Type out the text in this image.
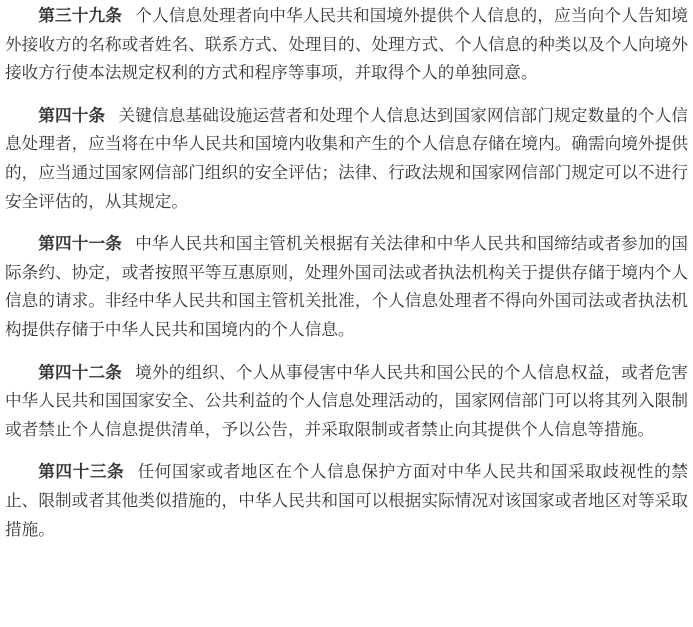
第三十九条 个人信息处理者向中华人民共和国境外提供个人信息的，应当向个人告知境外接收方的名称或者姓名、联系方式、处理目的、处理方式、个人信息的种类以及个人向境外接收方行使本法规定权利的方式和程序等事项，并取得个人的单独同意。

第四十条 关键信息基础设施运营者和处理个人信息达到国家网信部门规定数量的个人信息处理者，应当将在中华人民共和国境内收集和产生的个人信息存储在境内。确需向境外提供的，应当通过国家网信部门组织的安全评估；法律、行政法规和国家网信部门规定可以不进行安全评估的，从其规定。

第四十一条 中华人民共和国主管机关根据有关法律和中华人民共和国缔结或者参加的国际条约、协定，或者按照平等互惠原则，处理外国司法或者执法机构关于提供存储于境内个人信息的请求。非经中华人民共和国主管机关批准，个人信息处理者不得向外国司法或者执法机构提供存储于中华人民共和国境内的个人信息。

第四十二条 境外的组织、个人从事侵害中华人民共和国公民的个人信息权益，或者危害中华人民共和国国家安全、公共利益的个人信息处理活动的，国家网信部门可以将其列入限制或者禁止个人信息提供清单，予以公告，并采取限制或者禁止向其提供个人信息等措施。

第四十三条 任何国家或者地区在个人信息保护方面对中华人民共和国采取歧视性的禁止、限制或者其他类似措施的，中华人民共和国可以根据实际情况对该国家或者地区对等采取措施。
